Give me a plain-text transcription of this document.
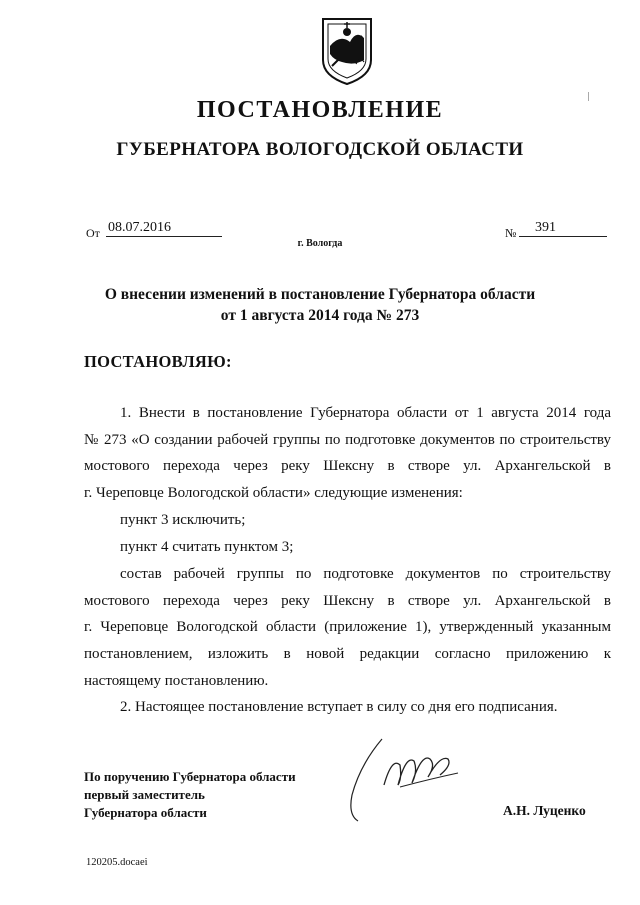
ПОСТАНОВЛЕНИЕ
ГУБЕРНАТОРА ВОЛОГОДСКОЙ ОБЛАСТИ
От 08.07.2016	№	391
г. Вологда
О внесении изменений в постановление Губернатора области
от 1 августа 2014 года № 273
ПОСТАНОВЛЯЮ:
1. Внести в постановление Губернатора области от 1 августа 2014 года
№ 273 «О создании рабочей группы по подготовке документов по строительству
мостового перехода через реку Шексну в створе ул. Архангельской в
г. Череповце Вологодской области» следующие изменения:
пункт 3 исключить;
пункт 4 считать пунктом 3;
состав рабочей группы по подготовке документов по строительству
мостового перехода через реку Шексну в створе ул. Архангельской в
г. Череповце Вологодской области (приложение 1), утвержденный указанным
постановлением, изложить в новой редакции согласно приложению к
настоящему постановлению.
2. Настоящее постановление вступает в силу со дня его подписания.
По поручению Губернатора области
первый заместитель
Губернатора области	А.Н. Луценко
120205.docaei
